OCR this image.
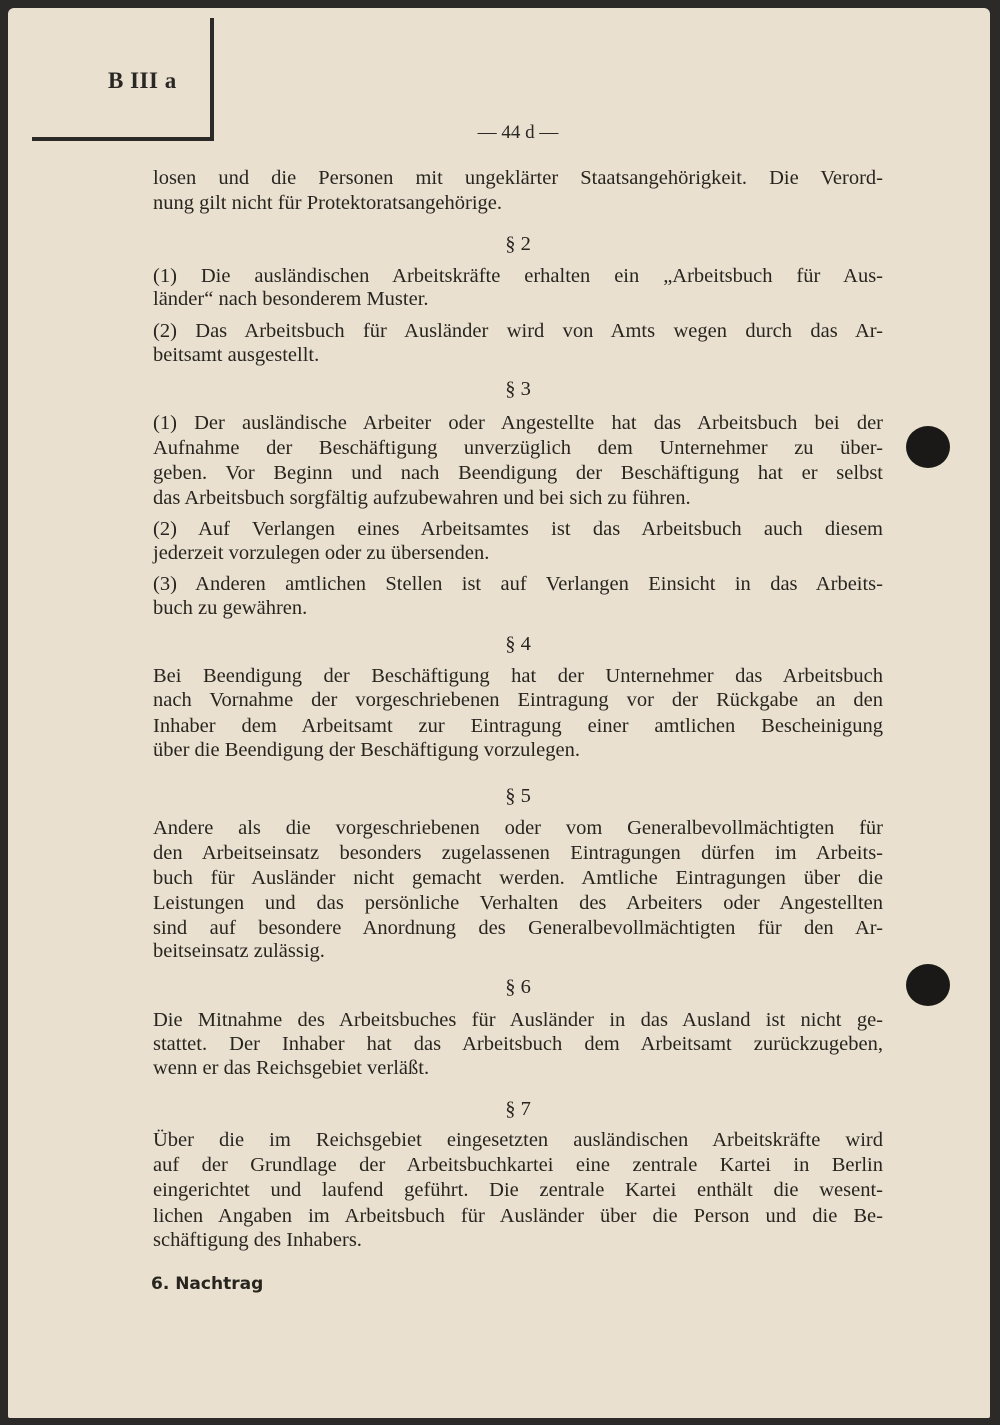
B III a
— 44 d —
6. Nachtrag
losen und die Personen mit ungeklärter Staatsangehörigkeit. Die Verord-
nung gilt nicht für Protektoratsangehörige.
§ 2
(1) Die ausländischen Arbeitskräfte erhalten ein „Arbeitsbuch für Aus-
länder“ nach besonderem Muster.
(2) Das Arbeitsbuch für Ausländer wird von Amts wegen durch das Ar-
beitsamt ausgestellt.
§ 3
(1) Der ausländische Arbeiter oder Angestellte hat das Arbeitsbuch bei der
Aufnahme der Beschäftigung unverzüglich dem Unternehmer zu über-
geben. Vor Beginn und nach Beendigung der Beschäftigung hat er selbst
das Arbeitsbuch sorgfältig aufzubewahren und bei sich zu führen.
(2) Auf Verlangen eines Arbeitsamtes ist das Arbeitsbuch auch diesem
jederzeit vorzulegen oder zu übersenden.
(3) Anderen amtlichen Stellen ist auf Verlangen Einsicht in das Arbeits-
buch zu gewähren.
§ 4
Bei Beendigung der Beschäftigung hat der Unternehmer das Arbeitsbuch
nach Vornahme der vorgeschriebenen Eintragung vor der Rückgabe an den
Inhaber dem Arbeitsamt zur Eintragung einer amtlichen Bescheinigung
über die Beendigung der Beschäftigung vorzulegen.
§ 5
Andere als die vorgeschriebenen oder vom Generalbevollmächtigten für
den Arbeitseinsatz besonders zugelassenen Eintragungen dürfen im Arbeits-
buch für Ausländer nicht gemacht werden. Amtliche Eintragungen über die
Leistungen und das persönliche Verhalten des Arbeiters oder Angestellten
sind auf besondere Anordnung des Generalbevollmächtigten für den Ar-
beitseinsatz zulässig.
§ 6
Die Mitnahme des Arbeitsbuches für Ausländer in das Ausland ist nicht ge-
stattet. Der Inhaber hat das Arbeitsbuch dem Arbeitsamt zurückzugeben,
wenn er das Reichsgebiet verläßt.
§ 7
Über die im Reichsgebiet eingesetzten ausländischen Arbeitskräfte wird
auf der Grundlage der Arbeitsbuchkartei eine zentrale Kartei in Berlin
eingerichtet und laufend geführt. Die zentrale Kartei enthält die wesent-
lichen Angaben im Arbeitsbuch für Ausländer über die Person und die Be-
schäftigung des Inhabers.
